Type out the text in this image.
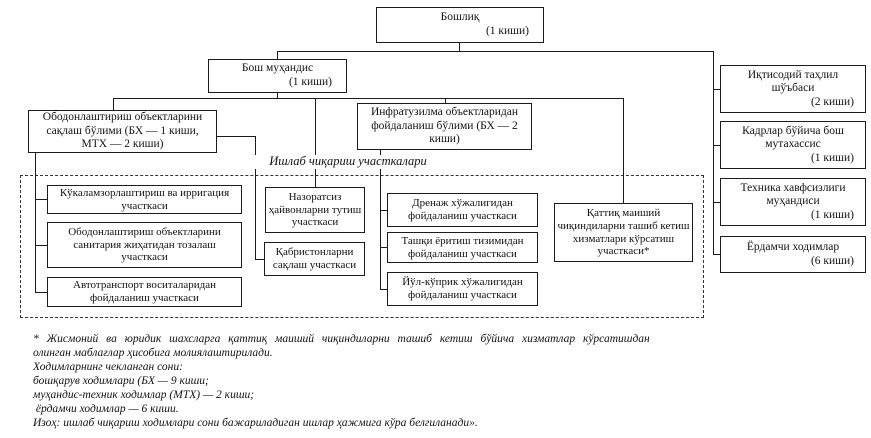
Бошлиқ
(1 киши)
Бош муҳандис
(1 киши)
Иқтисодий таҳлил шўъбаси
(2 киши)
Кадрлар бўйича бош мутахассис
(1 киши)
Техника хавфсизлиги муҳандиси
(1 киши)
Ёрдамчи ходимлар
(6 киши)
Ободонлаштириш объектларини сақлаш бўлими (БХ — 1 киши, МТХ — 2 киши)
Инфратузилма объектларидан фойдаланиш бўлими (БХ — 2 киши)
Ишлаб чиқариш участкалари
Кўкаламзорлаштириш ва ирригация участкаси
Ободонлаштириш объектларини санитария жиҳатидан тозалаш участкаси
Автотранспорт воситаларидан фойдаланиш участкаси
Назоратсиз ҳайвонларни тутиш участкаси
Қабристонларни сақлаш участкаси
Дренаж хўжалигидан фойдаланиш участкаси
Ташқи ёритиш тизимидан фойдаланиш участкаси
Йўл-кўприк хўжалигидан фойдаланиш участкаси
Қаттиқ маиший чиқиндиларни ташиб кетиш хизматлари кўрсатиш участкаси*
* Жисмоний ва юридик шахсларга қаттиқ маиший чиқиндиларни ташиб кетиш бўйича хизматлар кўрсатишдан
олинган маблағлар ҳисобига молиялаштирилади.
Ходимларнинг чекланган сони:
бошқарув ходимлари (БХ — 9 киши;
муҳандис-техник ходимлар (МТХ) — 2 киши;
ёрдамчи ходимлар — 6 киши.
Изоҳ: ишлаб чиқариш ходимлари сони бажариладиган ишлар ҳажмига кўра белгиланади».
